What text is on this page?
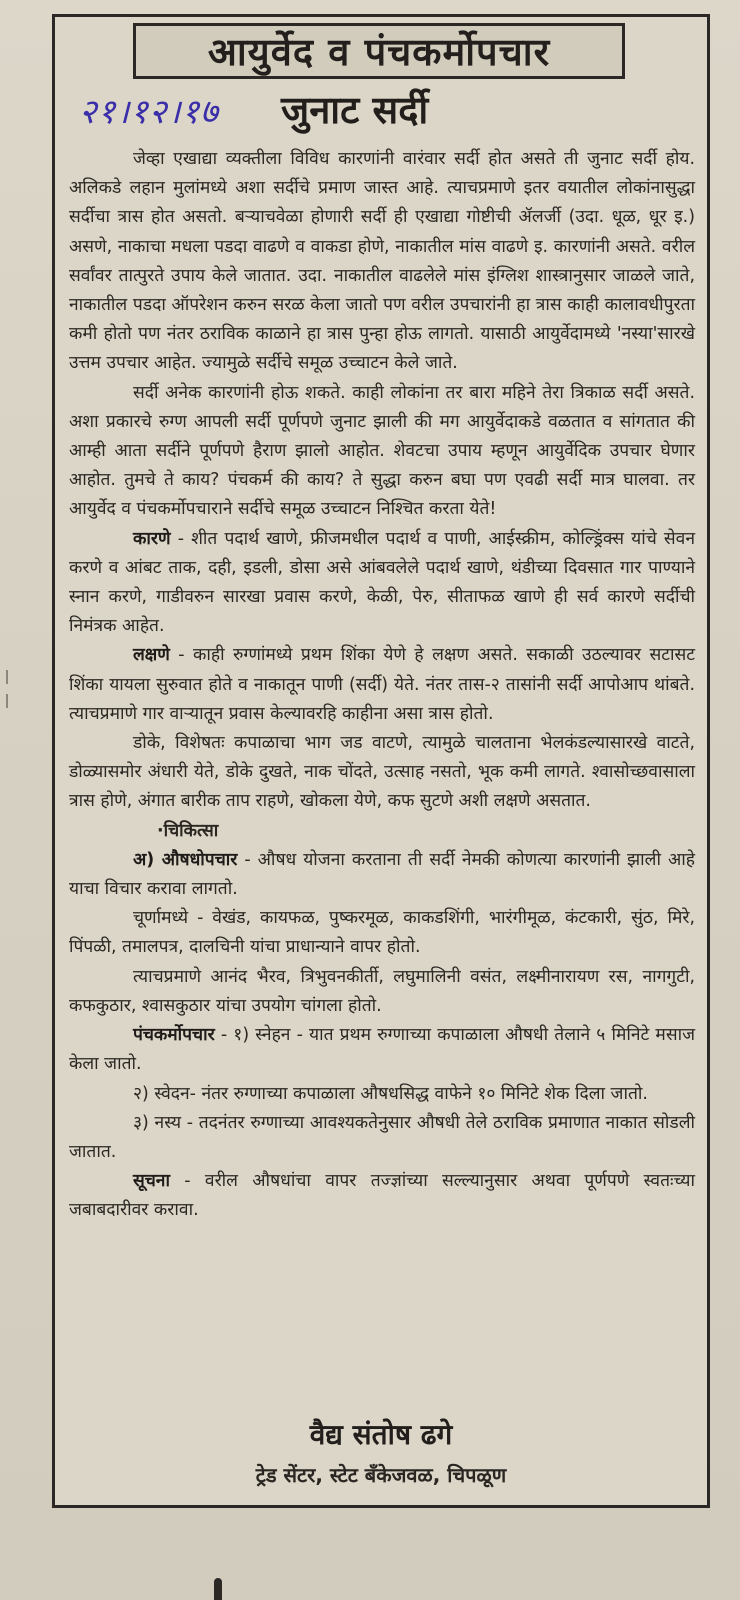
आयुर्वेद व पंचकर्मोपचार
२१।१२।१७ जुनाट सर्दी

जेव्हा एखाद्या व्यक्तीला विविध कारणांनी वारंवार सर्दी होत असते ती जुनाट सर्दी होय. अलिकडे लहान मुलांमध्ये अशा सर्दीचे प्रमाण जास्त आहे. त्याचप्रमाणे इतर वयातील लोकांनासुद्धा सर्दीचा त्रास होत असतो. बऱ्याचवेळा होणारी सर्दी ही एखाद्या गोष्टीची ॲलर्जी (उदा. धूळ, धूर इ.) असणे, नाकाचा मधला पडदा वाढणे व वाकडा होणे, नाकातील मांस वाढणे इ. कारणांनी असते. वरील सर्वांवर तात्पुरते उपाय केले जातात. उदा. नाकातील वाढलेले मांस इंग्लिश शास्त्रानुसार जाळले जाते, नाकातील पडदा ऑपरेशन करुन सरळ केला जातो पण वरील उपचारांनी हा त्रास काही कालावधीपुरता कमी होतो पण नंतर ठराविक काळाने हा त्रास पुन्हा होऊ लागतो. यासाठी आयुर्वेदामध्ये 'नस्या'सारखे उत्तम उपचार आहेत. ज्यामुळे सर्दीचे समूळ उच्चाटन केले जाते.

सर्दी अनेक कारणांनी होऊ शकते. काही लोकांना तर बारा महिने तेरा त्रिकाळ सर्दी असते. अशा प्रकारचे रुग्ण आपली सर्दी पूर्णपणे जुनाट झाली की मग आयुर्वेदाकडे वळतात व सांगतात की आम्ही आता सर्दीने पूर्णपणे हैराण झालो आहोत. शेवटचा उपाय म्हणून आयुर्वेदिक उपचार घेणार आहोत. तुमचे ते काय? पंचकर्म की काय? ते सुद्धा करुन बघा पण एवढी सर्दी मात्र घालवा. तर आयुर्वेद व पंचकर्मोपचाराने सर्दीचे समूळ उच्चाटन निश्चित करता येते!

कारणे - शीत पदार्थ खाणे, फ्रीजमधील पदार्थ व पाणी, आईस्क्रीम, कोल्ड्रिंक्स यांचे सेवन करणे व आंबट ताक, दही, इडली, डोसा असे आंबवलेले पदार्थ खाणे, थंडीच्या दिवसात गार पाण्याने स्नान करणे, गाडीवरुन सारखा प्रवास करणे, केळी, पेरु, सीताफळ खाणे ही सर्व कारणे सर्दीची निमंत्रक आहेत.

लक्षणे - काही रुग्णांमध्ये प्रथम शिंका येणे हे लक्षण असते. सकाळी उठल्यावर सटासट शिंका यायला सुरुवात होते व नाकातून पाणी (सर्दी) येते. नंतर तास-२ तासांनी सर्दी आपोआप थांबते. त्याचप्रमाणे गार वाऱ्यातून प्रवास केल्यावरहि काहीना असा त्रास होतो.

डोके, विशेषतः कपाळाचा भाग जड वाटणे, त्यामुळे चालताना भेलकंडल्यासारखे वाटते, डोळ्यासमोर अंधारी येते, डोके दुखते, नाक चोंदते, उत्साह नसतो, भूक कमी लागते. श्वासोच्छवासाला त्रास होणे, अंगात बारीक ताप राहणे, खोकला येणे, कफ सुटणे अशी लक्षणे असतात.

·चिकित्सा

अ) औषधोपचार - औषध योजना करताना ती सर्दी नेमकी कोणत्या कारणांनी झाली आहे याचा विचार करावा लागतो.

चूर्णामध्ये - वेखंड, कायफळ, पुष्करमूळ, काकडशिंगी, भारंगीमूळ, कंटकारी, सुंठ, मिरे, पिंपळी, तमालपत्र, दालचिनी यांचा प्राधान्याने वापर होतो.

त्याचप्रमाणे आनंद भैरव, त्रिभुवनकीर्ती, लघुमालिनी वसंत, लक्ष्मीनारायण रस, नागगुटी, कफकुठार, श्वासकुठार यांचा उपयोग चांगला होतो.

पंचकर्मोपचार - १) स्नेहन - यात प्रथम रुग्णाच्या कपाळाला औषधी तेलाने ५ मिनिटे मसाज केला जातो.

२) स्वेदन- नंतर रुग्णाच्या कपाळाला औषधसिद्ध वाफेने १० मिनिटे शेक दिला जातो.

३) नस्य - तदनंतर रुग्णाच्या आवश्यकतेनुसार औषधी तेले ठराविक प्रमाणात नाकात सोडली जातात.

सूचना - वरील औषधांचा वापर तज्ज्ञांच्या सल्ल्यानुसार अथवा पूर्णपणे स्वतःच्या जबाबदारीवर करावा.

वैद्य संतोष ढगे
ट्रेड सेंटर, स्टेट बँकेजवळ, चिपळूण
